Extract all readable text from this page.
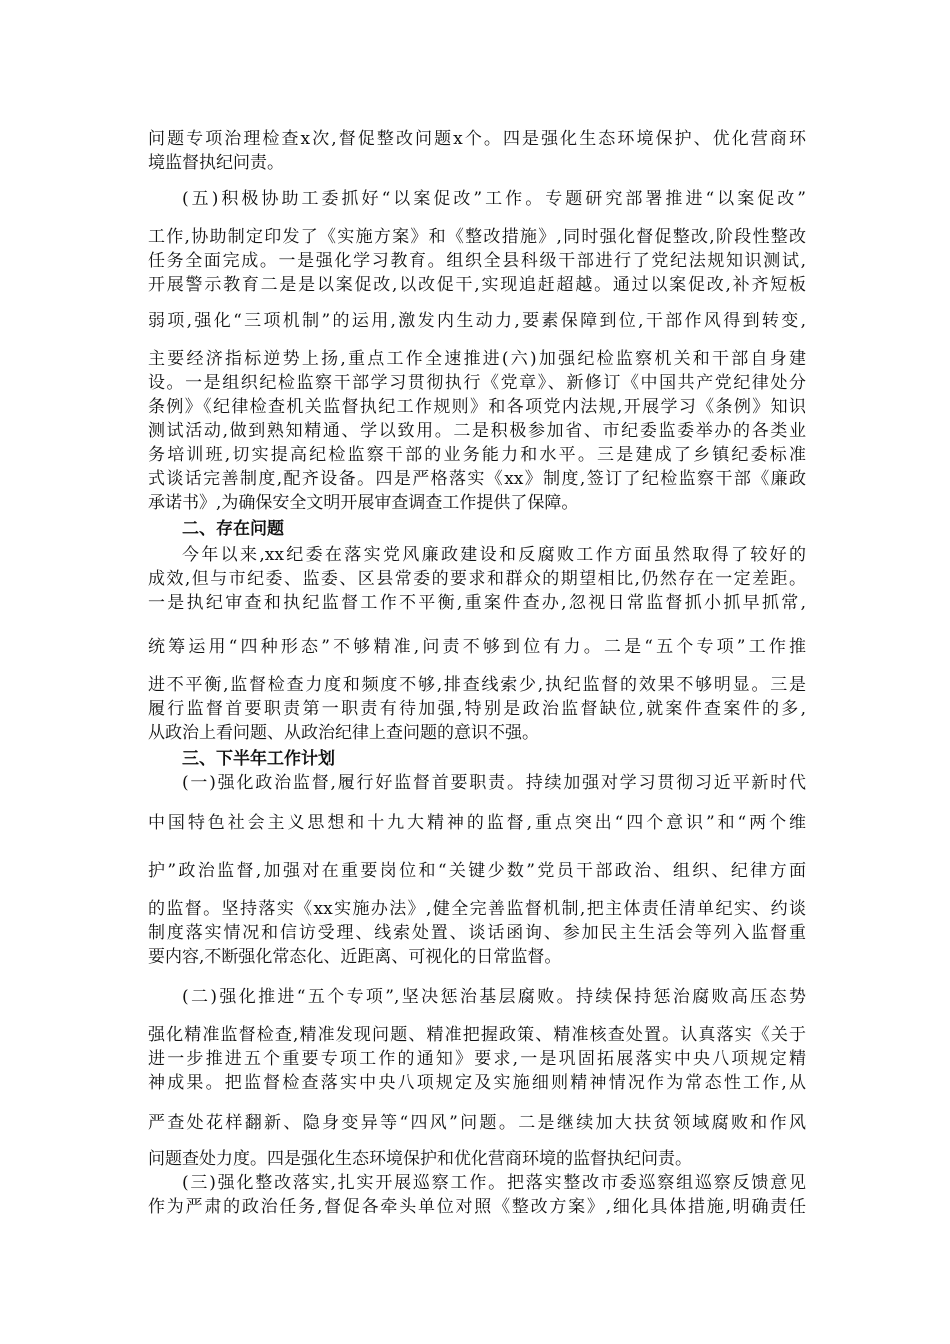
问题专项治理检查x次,督促整改问题x个。四是强化生态环境保护、优化营商环
境监督执纪问责。
(五)积极协助工委抓好“以案促改”工作。专题研究部署推进“以案促改”
工作,协助制定印发了《实施方案》和《整改措施》,同时强化督促整改,阶段性整改
任务全面完成。一是强化学习教育。组织全县科级干部进行了党纪法规知识测试,
开展警示教育二是是以案促改,以改促干,实现追赶超越。通过以案促改,补齐短板
弱项,强化“三项机制”的运用,激发内生动力,要素保障到位,干部作风得到转变,
主要经济指标逆势上扬,重点工作全速推进(六)加强纪检监察机关和干部自身建
设。一是组织纪检监察干部学习贯彻执行《党章》、新修订《中国共产党纪律处分
条例》《纪律检查机关监督执纪工作规则》和各项党内法规,开展学习《条例》知识
测试活动,做到熟知精通、学以致用。二是积极参加省、市纪委监委举办的各类业
务培训班,切实提高纪检监察干部的业务能力和水平。三是建成了乡镇纪委标准
式谈话完善制度,配齐设备。四是严格落实《xx》制度,签订了纪检监察干部《廉政
承诺书》,为确保安全文明开展审查调查工作提供了保障。
二、存在问题
今年以来,xx纪委在落实党风廉政建设和反腐败工作方面虽然取得了较好的
成效,但与市纪委、监委、区县常委的要求和群众的期望相比,仍然存在一定差距。
一是执纪审查和执纪监督工作不平衡,重案件查办,忽视日常监督抓小抓早抓常,
统筹运用“四种形态”不够精准,问责不够到位有力。二是“五个专项”工作推
进不平衡,监督检查力度和频度不够,排查线索少,执纪监督的效果不够明显。三是
履行监督首要职责第一职责有待加强,特别是政治监督缺位,就案件查案件的多,
从政治上看问题、从政治纪律上查问题的意识不强。
三、下半年工作计划
(一)强化政治监督,履行好监督首要职责。持续加强对学习贯彻习近平新时代
中国特色社会主义思想和十九大精神的监督,重点突出“四个意识”和“两个维
护”政治监督,加强对在重要岗位和“关键少数”党员干部政治、组织、纪律方面
的监督。坚持落实《xx实施办法》,健全完善监督机制,把主体责任清单纪实、约谈
制度落实情况和信访受理、线索处置、谈话函询、参加民主生活会等列入监督重
要内容,不断强化常态化、近距离、可视化的日常监督。
(二)强化推进“五个专项”,坚决惩治基层腐败。持续保持惩治腐败高压态势
强化精准监督检查,精准发现问题、精准把握政策、精准核查处置。认真落实《关于
进一步推进五个重要专项工作的通知》要求,一是巩固拓展落实中央八项规定精
神成果。把监督检查落实中央八项规定及实施细则精神情况作为常态性工作,从
严查处花样翻新、隐身变异等“四风”问题。二是继续加大扶贫领域腐败和作风
问题查处力度。四是强化生态环境保护和优化营商环境的监督执纪问责。
(三)强化整改落实,扎实开展巡察工作。把落实整改市委巡察组巡察反馈意见
作为严肃的政治任务,督促各牵头单位对照《整改方案》,细化具体措施,明确责任
